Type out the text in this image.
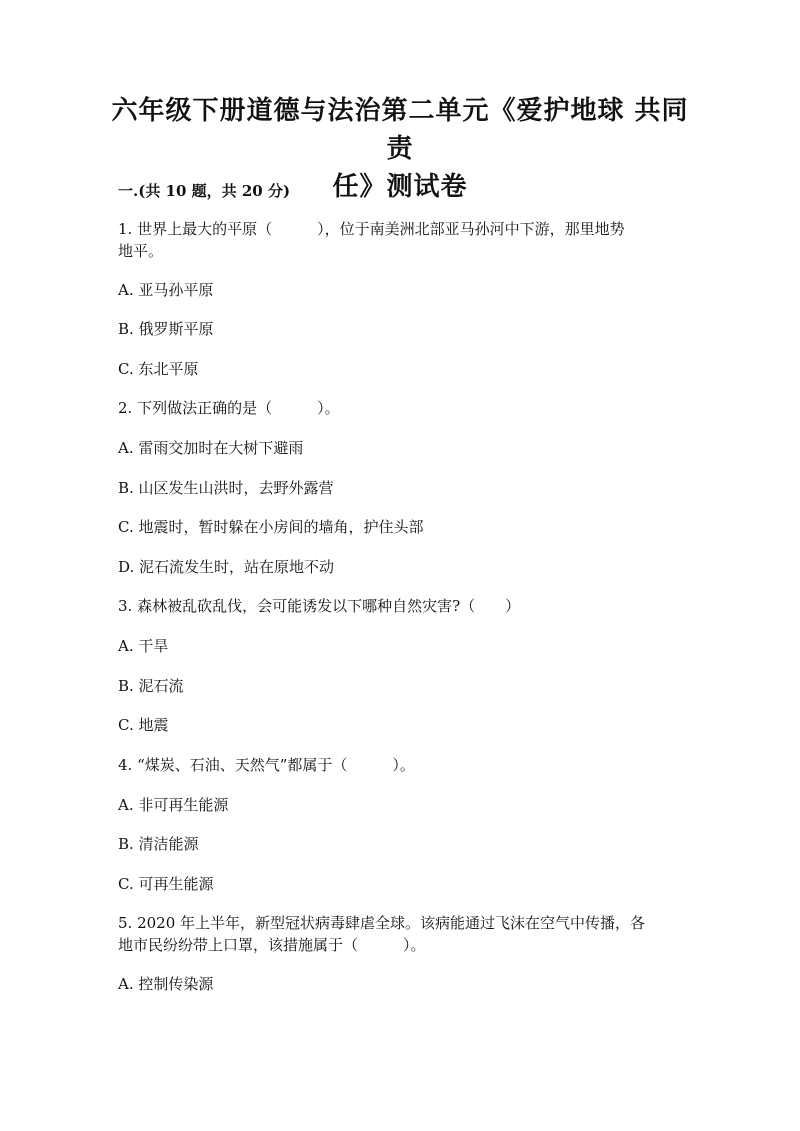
六年级下册道德与法治第二单元《爱护地球 共同责
任》测试卷
一.(共 10 题，共 20 分)
1. 世界上最大的平原（　　　），位于南美洲北部亚马孙河中下游，那里地势
地平。
A. 亚马孙平原
B. 俄罗斯平原
C. 东北平原
2. 下列做法正确的是（　　　）。
A. 雷雨交加时在大树下避雨
B. 山区发生山洪时，去野外露营
C. 地震时，暂时躲在小房间的墙角，护住头部
D. 泥石流发生时，站在原地不动
3. 森林被乱砍乱伐，会可能诱发以下哪种自然灾害?（　　）
A. 干旱
B. 泥石流
C. 地震
4. “煤炭、石油、天然气”都属于（　　　）。
A. 非可再生能源
B. 清洁能源
C. 可再生能源
5. 2020 年上半年，新型冠状病毒肆虐全球。该病能通过飞沫在空气中传播，各
地市民纷纷带上口罩，该措施属于（　　　）。
A. 控制传染源
